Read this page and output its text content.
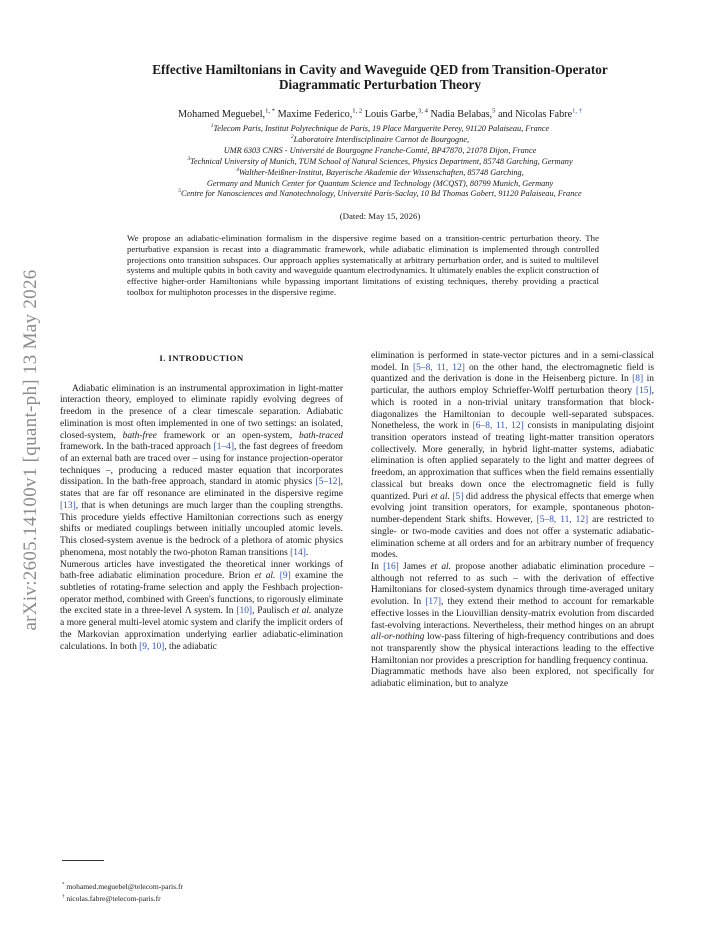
arXiv:2605.14100v1 [quant-ph] 13 May 2026
Effective Hamiltonians in Cavity and Waveguide QED from Transition-Operator
Diagrammatic Perturbation Theory
Mohamed Meguebel,$^{1, *}$ Maxime Federico,$^{1, 2}$ Louis Garbe,$^{3, 4}$ Nadia Belabas,$^5$ and Nicolas Fabre$^{1, \dagger}$
$^1$Telecom Paris, Institut Polytechnique de Paris, 19 Place Marguerite Perey, 91120 Palaiseau, France
$^2$Laboratoire Interdisciplinaire Carnot de Bourgogne,
UMR 6303 CNRS - Université de Bourgogne Franche-Comté, BP47870, 21078 Dijon, France
$^3$Technical University of Munich, TUM School of Natural Sciences, Physics Department, 85748 Garching, Germany
$^4$Walther-Meißner-Institut, Bayerische Akademie der Wissenschaften, 85748 Garching,
Germany and Munich Center for Quantum Science and Technology (MCQST), 80799 Munich, Germany
$^5$Centre for Nanosciences and Nanotechnology, Université Paris-Saclay, 10 Bd Thomas Gobert, 91120 Palaiseau, France
(Dated: May 15, 2026)
We propose an adiabatic-elimination formalism in the dispersive regime based on a transition-centric perturbation theory. The perturbative expansion is recast into a diagrammatic framework, while adiabatic elimination is implemented through controlled projections onto transition subspaces. Our approach applies systematically at arbitrary perturbation order, and is suited to multilevel systems and multiple qubits in both cavity and waveguide quantum electrodynamics. It ultimately enables the explicit construction of effective higher-order Hamiltonians while bypassing important limitations of existing techniques, thereby providing a practical toolbox for multiphoton processes in the dispersive regime.
I. INTRODUCTION

Adiabatic elimination is an instrumental approximation in light-matter interaction theory, employed to eliminate rapidly evolving degrees of freedom in the presence of a clear timescale separation. Adiabatic elimination is most often implemented in one of two settings: an isolated, closed-system, bath-free framework or an open-system, bath-traced framework. In the bath-traced approach [1–4], the fast degrees of freedom of an external bath are traced over – using for instance projection-operator techniques –, producing a reduced master equation that incorporates dissipation. In the bath-free approach, standard in atomic physics [5–12], states that are far off resonance are eliminated in the dispersive regime [13], that is when detunings are much larger than the coupling strengths. This procedure yields effective Hamiltonian corrections such as energy shifts or mediated couplings between initially uncoupled atomic levels. This closed-system avenue is the bedrock of a plethora of atomic physics phenomena, most notably the two-photon Raman transitions [14].

Numerous articles have investigated the theoretical inner workings of bath-free adiabatic elimination procedure. Brion et al. [9] examine the subtleties of rotating-frame selection and apply the Feshbach projection-operator method, combined with Green's functions, to rigorously eliminate the excited state in a three-level Λ system. In [10], Paulisch et al. analyze a more general multi-level atomic system and clarify the implicit orders of the Markovian approximation underlying earlier adiabatic-elimination calculations. In both [9, 10], the adiabatic

elimination is performed in state-vector pictures and in a semi-classical model. In [5–8, 11, 12] on the other hand, the electromagnetic field is quantized and the derivation is done in the Heisenberg picture. In [8] in particular, the authors employ Schrieffer-Wolff perturbation theory [15], which is rooted in a non-trivial unitary transformation that block-diagonalizes the Hamiltonian to decouple well-separated subspaces. Nonetheless, the work in [6–8, 11, 12] consists in manipulating disjoint transition operators instead of treating light-matter transition operators collectively. More generally, in hybrid light-matter systems, adiabatic elimination is often applied separately to the light and matter degrees of freedom, an approximation that suffices when the field remains essentially classical but breaks down once the electromagnetic field is fully quantized. Puri et al. [5] did address the physical effects that emerge when evolving joint transition operators, for example, spontaneous photon-number-dependent Stark shifts. However, [5–8, 11, 12] are restricted to single- or two-mode cavities and does not offer a systematic adiabatic-elimination scheme at all orders and for an arbitrary number of frequency modes.

In [16] James et al. propose another adiabatic elimination procedure – although not referred to as such – with the derivation of effective Hamiltonians for closed-system dynamics through time-averaged unitary evolution. In [17], they extend their method to account for remarkable effective losses in the Liouvillian density-matrix evolution from discarded fast-evolving interactions. Nevertheless, their method hinges on an abrupt all-or-nothing low-pass filtering of high-frequency contributions and does not transparently show the physical interactions leading to the effective Hamiltonian nor provides a prescription for handling frequency continua.

Diagrammatic methods have also been explored, not specifically for adiabatic elimination, but to analyze

* mohamed.meguebel@telecom-paris.fr
† nicolas.fabre@telecom-paris.fr
